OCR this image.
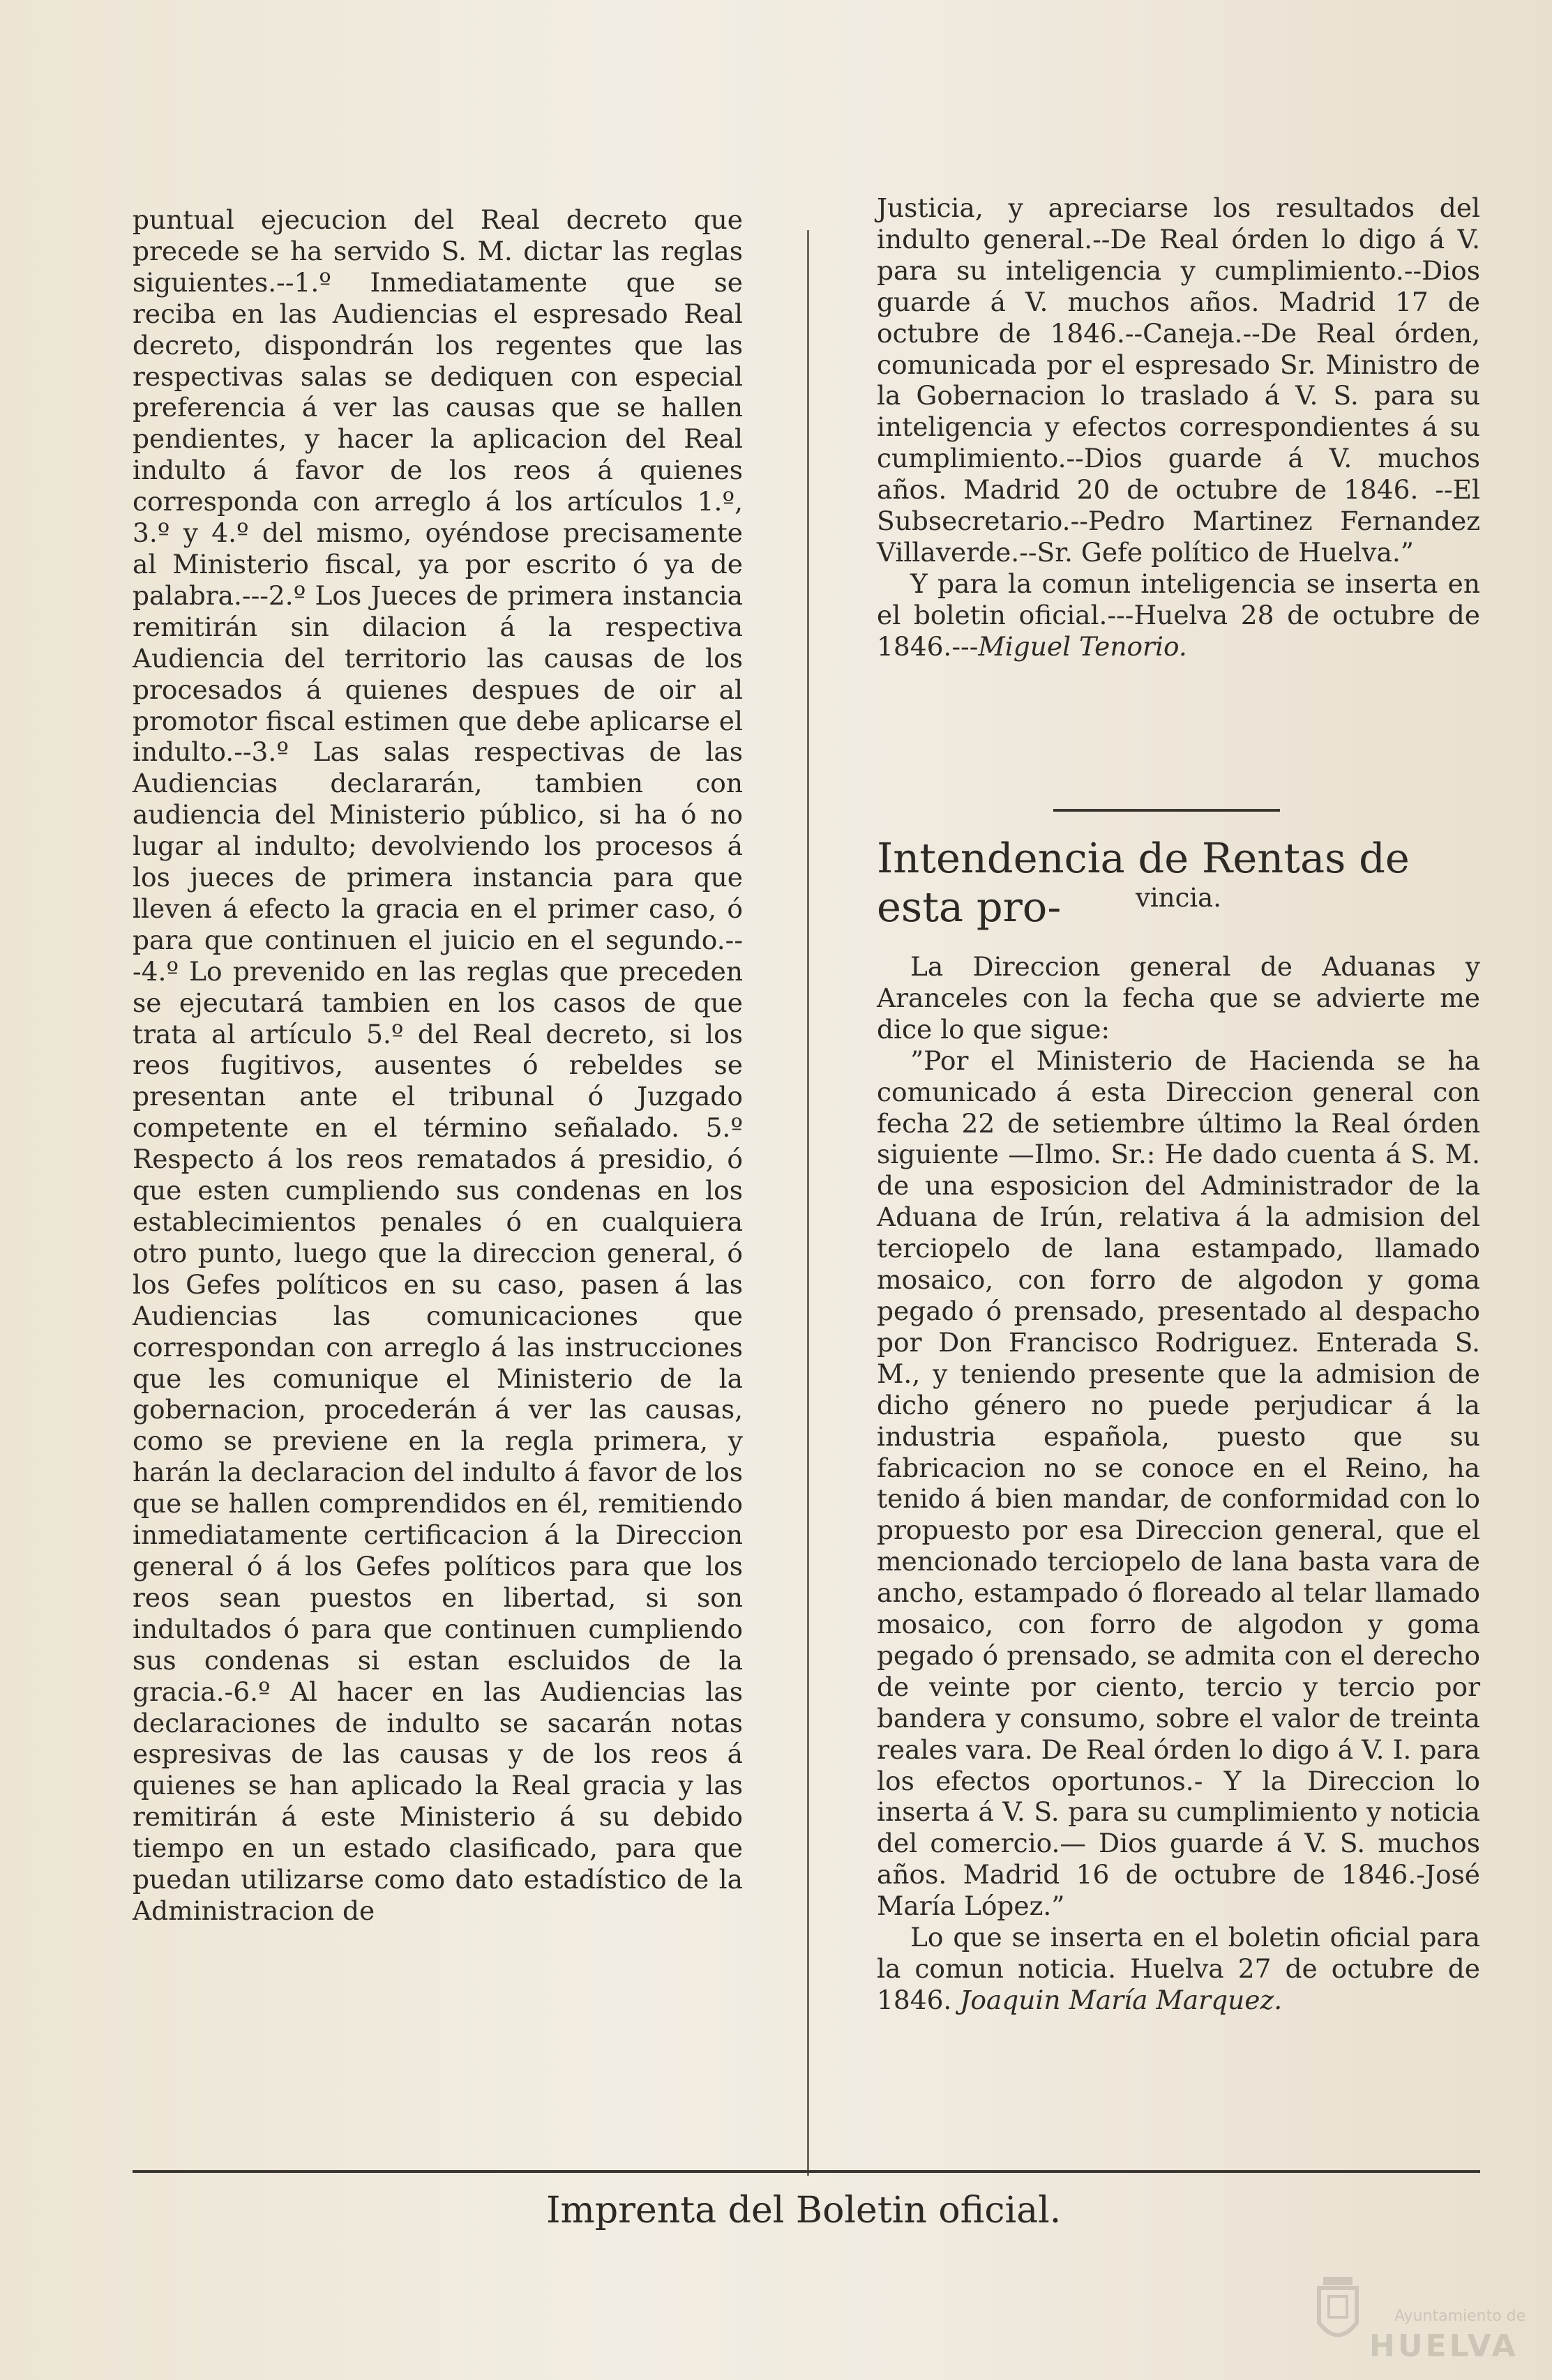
puntual ejecucion del Real decreto que precede se ha servido S. M. dictar las reglas siguientes.--1.º Inmediatamente que se reciba en las Audiencias el espresado Real decreto, dispondrán los regentes que las respectivas salas se dediquen con especial preferencia á ver las causas que se hallen pendientes, y hacer la aplicacion del Real indulto á favor de los reos á quienes corresponda con arreglo á los artículos 1.º, 3.º y 4.º del mismo, oyéndose precisamente al Ministerio fiscal, ya por escrito ó ya de palabra.---2.º Los Jueces de primera instancia remitirán sin dilacion á la respectiva Audiencia del territorio las causas de los procesados á quienes despues de oir al promotor fiscal estimen que debe aplicarse el indulto.--3.º Las salas respectivas de las Audiencias declararán, tambien con audiencia del Ministerio público, si ha ó no lugar al indulto; devolviendo los procesos á los jueces de primera instancia para que lleven á efecto la gracia en el primer caso, ó para que continuen el juicio en el segundo.---4.º Lo prevenido en las reglas que preceden se ejecutará tambien en los casos de que trata al artículo 5.º del Real decreto, si los reos fugitivos, ausentes ó rebeldes se presentan ante el tribunal ó Juzgado competente en el término señalado. 5.º Respecto á los reos rematados á presidio, ó que esten cumpliendo sus condenas en los establecimientos penales ó en cualquiera otro punto, luego que la direccion general, ó los Gefes políticos en su caso, pasen á las Audiencias las comunicaciones que correspondan con arreglo á las instrucciones que les comunique el Ministerio de la gobernacion, procederán á ver las causas, como se previene en la regla primera, y harán la declaracion del indulto á favor de los que se hallen comprendidos en él, remitiendo inmediatamente certificacion á la Direccion general ó á los Gefes políticos para que los reos sean puestos en libertad, si son indultados ó para que continuen cumpliendo sus condenas si estan escluidos de la gracia.-6.º Al hacer en las Audiencias las declaraciones de indulto se sacarán notas espresivas de las causas y de los reos á quienes se han aplicado la Real gracia y las remitirán á este Ministerio á su debido tiempo en un estado clasificado, para que puedan utilizarse como dato estadístico de la Administracion de

Justicia, y apreciarse los resultados del indulto general.--De Real órden lo digo á V. para su inteligencia y cumplimiento.--Dios guarde á V. muchos años. Madrid 17 de octubre de 1846.--Caneja.--De Real órden, comunicada por el espresado Sr. Ministro de la Gobernacion lo traslado á V. S. para su inteligencia y efectos correspondientes á su cumplimiento.--Dios guarde á V. muchos años. Madrid 20 de octubre de 1846. --El Subsecretario.--Pedro Martinez Fernandez Villaverde.--Sr. Gefe político de Huelva.”

Y para la comun inteligencia se inserta en el boletin oficial.---Huelva 28 de octubre de 1846.---Miguel Tenorio.

Intendencia de Rentas de esta pro-	vincia.

La Direccion general de Aduanas y Aranceles con la fecha que se advierte me dice lo que sigue:

”Por el Ministerio de Hacienda se ha comunicado á esta Direccion general con fecha 22 de setiembre último la Real órden siguiente —Ilmo. Sr.: He dado cuenta á S. M. de una esposicion del Administrador de la Aduana de Irún, relativa á la admision del terciopelo de lana estampado, llamado mosaico, con forro de algodon y goma pegado ó prensado, presentado al despacho por Don Francisco Rodriguez. Enterada S. M., y teniendo presente que la admision de dicho género no puede perjudicar á la industria española, puesto que su fabricacion no se conoce en el Reino, ha tenido á bien mandar, de conformidad con lo propuesto por esa Direccion general, que el mencionado terciopelo de lana basta vara de ancho, estampado ó floreado al telar llamado mosaico, con forro de algodon y goma pegado ó prensado, se admita con el derecho de veinte por ciento, tercio y tercio por bandera y consumo, sobre el valor de treinta reales vara. De Real órden lo digo á V. I. para los efectos oportunos.- Y la Direccion lo inserta á V. S. para su cumplimiento y noticia del comercio.— Dios guarde á V. S. muchos años. Madrid 16 de octubre de 1846.-José María López.”

Lo que se inserta en el boletin oficial para la comun noticia. Huelva 27 de octubre de 1846. Joaquin María Marquez.

Imprenta del Boletin oficial.
Ayuntamiento de
HUELVA
